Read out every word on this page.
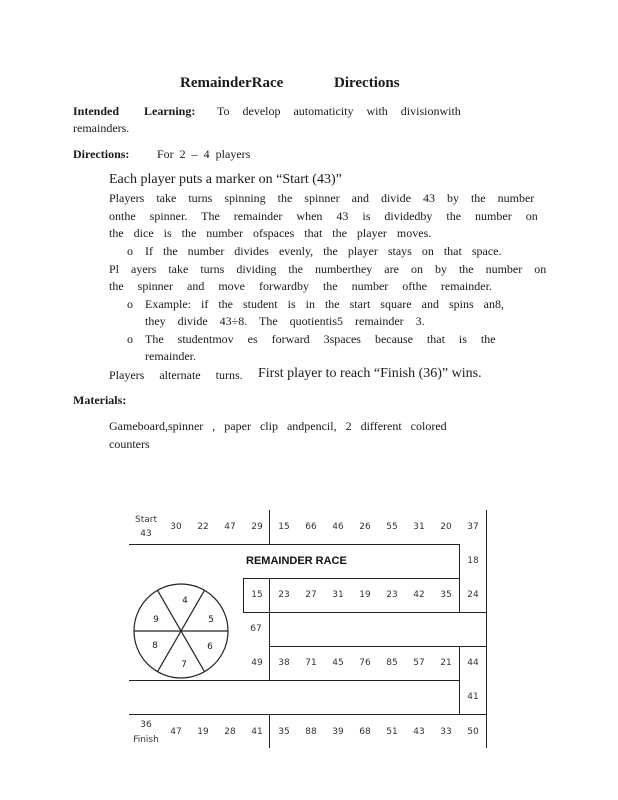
RemainderRace	Directions
Intended Learning: To develop automaticity with divisionwith
remainders.
Directions: For 2 – 4 players
Each player puts a marker on “Start (43)”
Players take turns spinning the spinner and divide 43 by the number
onthe spinner. The remainder when 43 is dividedby the number on
the dice is the number ofspaces that the player moves.
o If the number divides evenly, the player stays on that space.
Pl ayers take turns dividing the numberthey are on by the number on
the spinner and move forwardby the number ofthe remainder.
o Example: if the student is in the start square and spins an8,
they divide 43÷8. The quotientis5 remainder 3.
o The studentmov es forward 3spaces because that is the
remainder.
Players alternate turns. First player to reach “Finish (36)” wins.
Materials:
Gameboard,spinner , paper clip andpencil, 2 different colored
counters
REMAINDER RACE
Start
43
36
Finish
18
67
41
4
5
6
7
8
9
30 22 47 29 15 66 46 26 55 31 20 37
15 23 27 31 19 23 42 35 24
49 38 71 45 76 85 57 21 44
47 19 28 41 35 88 39 68 51 43 33 50
